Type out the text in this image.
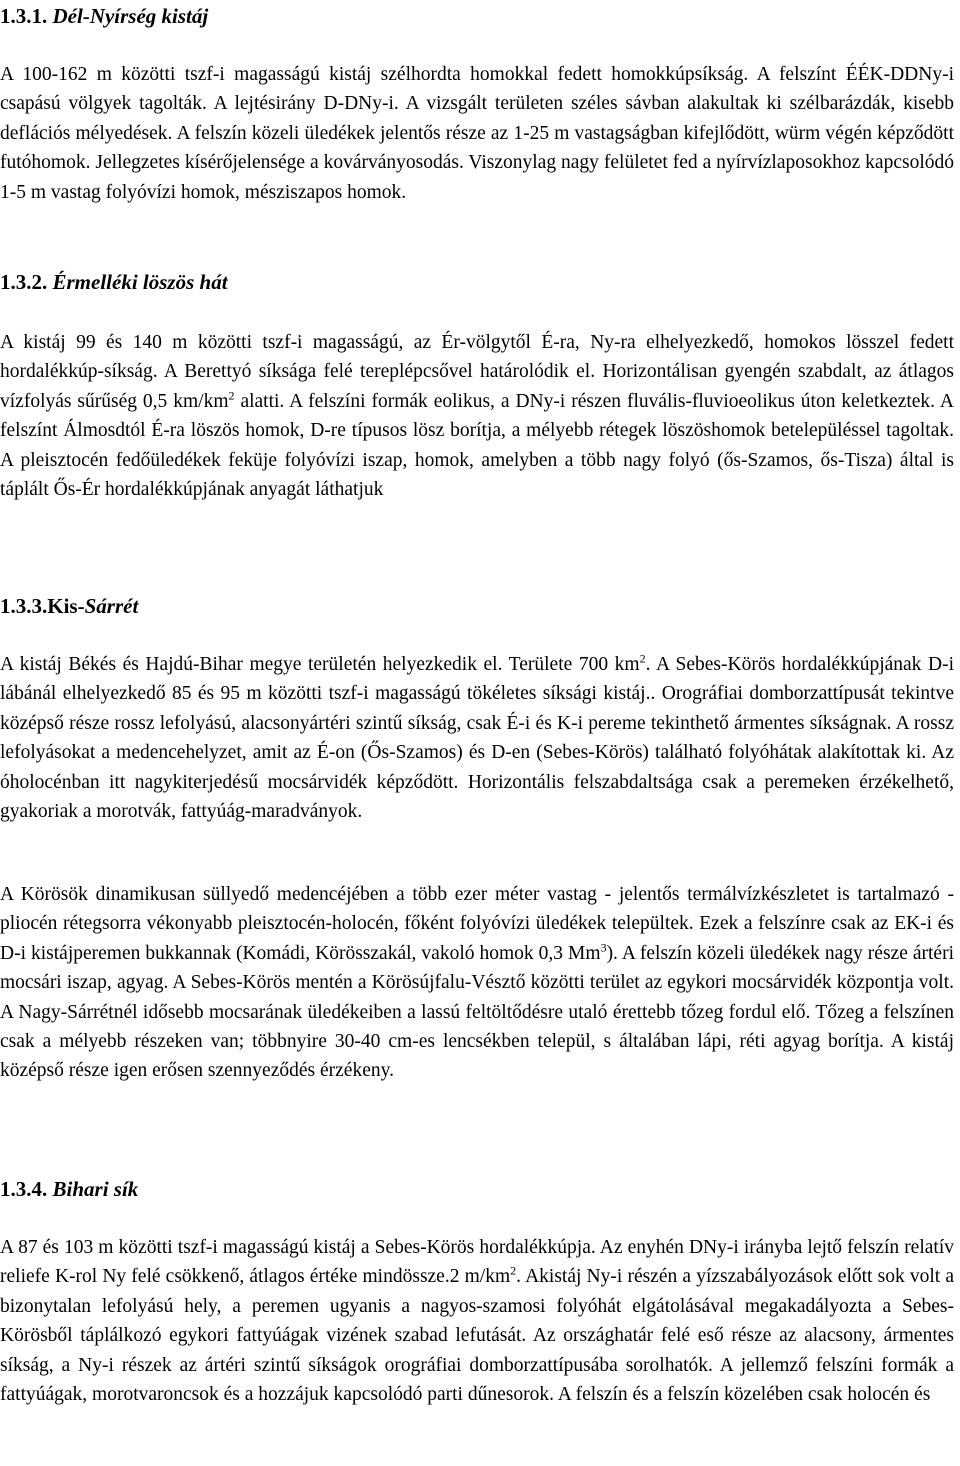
1.3.1. Dél-Nyírség kistáj

A 100-162 m közötti tszf-i magasságú kistáj szélhordta homokkal fedett homokkúpsíkság. A felszínt ÉÉK-DDNy-i csapású völgyek tagolták. A lejtésirány D-DNy-i. A vizsgált területen széles sávban alakultak ki szélbarázdák, kisebb deflációs mélyedések. A felszín közeli üledékek jelentős része az 1-25 m vastagságban kifejlődött, würm végén képződött futóhomok. Jellegzetes kísérőjelensége a kovárványosodás. Viszonylag nagy felületet fed a nyírvízlaposokhoz kapcsolódó 1-5 m vastag folyóvízi homok, mésziszapos homok.

1.3.2. Érmelléki löszös hát

A kistáj 99 és 140 m közötti tszf-i magasságú, az Ér-völgytől É-ra, Ny-ra elhelyezkedő, homokos lösszel fedett hordalékkúp-síkság. A Berettyó síksága felé tereplépcsővel határolódik el. Horizontálisan gyengén szabdalt, az átlagos vízfolyás sűrűség 0,5 $km/km^2$ alatti. A felszíni formák eolikus, a DNy-i részen fluvális-fluvioeolikus úton keletkeztek. A felszínt Álmosdtól É-ra löszös homok, D-re típusos lösz borítja, a mélyebb rétegek löszöshomok betelepüléssel tagoltak. A pleisztocén fedőüledékek feküje folyóvízi iszap, homok, amelyben a több nagy folyó (ős-Szamos, ős-Tisza) által is táplált Ős-Ér hordalékkúpjának anyagát láthatjuk

1.3.3.Kis-Sárrét

A kistáj Békés és Hajdú-Bihar megye területén helyezkedik el. Területe 700 $km^2$. A Sebes-Körös hordalékkúpjának D-i lábánál elhelyezkedő 85 és 95 m közötti tszf-i magasságú tökéletes síksági kistáj.. Orográfiai domborzattípusát tekintve középső része rossz lefolyású, alacsonyártéri szintű síkság, csak É-i és K-i pereme tekinthető ármentes síkságnak. A rossz lefolyásokat a medencehelyzet, amit az É-on (Ős-Szamos) és D-en (Sebes-Körös) található folyóhátak alakítottak ki. Az óholocénban itt nagykiterjedésű mocsárvidék képződött. Horizontális felszabdaltsága csak a peremeken érzékelhető, gyakoriak a morotvák, fattyúág-maradványok.

A Körösök dinamikusan süllyedő medencéjében a több ezer méter vastag - jelentős termálvízkészletet is tartalmazó - pliocén rétegsorra vékonyabb pleisztocén-holocén, főként folyóvízi üledékek települtek. Ezek a felszínre csak az EK-i és D-i kistájperemen bukkannak (Komádi, Körösszakál, vakoló homok 0,3 Mm$^3$). A felszín közeli üledékek nagy része ártéri mocsári iszap, agyag. A Sebes-Körös mentén a Körösújfalu-Vésztő közötti terület az egykori mocsárvidék központja volt. A Nagy-Sárrétnél idősebb mocsarának üledékeiben a lassú feltöltődésre utaló érettebb tőzeg fordul elő. Tőzeg a felszínen csak a mélyebb részeken van; többnyire 30-40 cm-es lencsékben települ, s általában lápi, réti agyag borítja. A kistáj középső része igen erősen szennyeződés érzékeny.

1.3.4. Bihari sík

A 87 és 103 m közötti tszf-i magasságú kistáj a Sebes-Körös hordalékkúpja. Az enyhén DNy-i irányba lejtő felszín relatív reliefe K-rol Ny felé csökkenő, átlagos értéke mindössze.2 $m/km^2$. Akistáj Ny-i részén a yízszabályozások előtt sok volt a bizonytalan lefolyású hely, a peremen ugyanis a nagyos-szamosi folyóhát elgátolásával megakadályozta a Sebes-Körösből táplálkozó egykori fattyúágak vizének szabad lefutását. Az országhatár felé eső része az alacsony, ármentes síkság, a Ny-i részek az ártéri szintű síkságok orográfiai domborzattípusába sorolhatók. A jellemző felszíni formák a fattyúágak, morotvaroncsok és a hozzájuk kapcsolódó parti dűnesorok. A felszín és a felszín közelében csak holocén és
